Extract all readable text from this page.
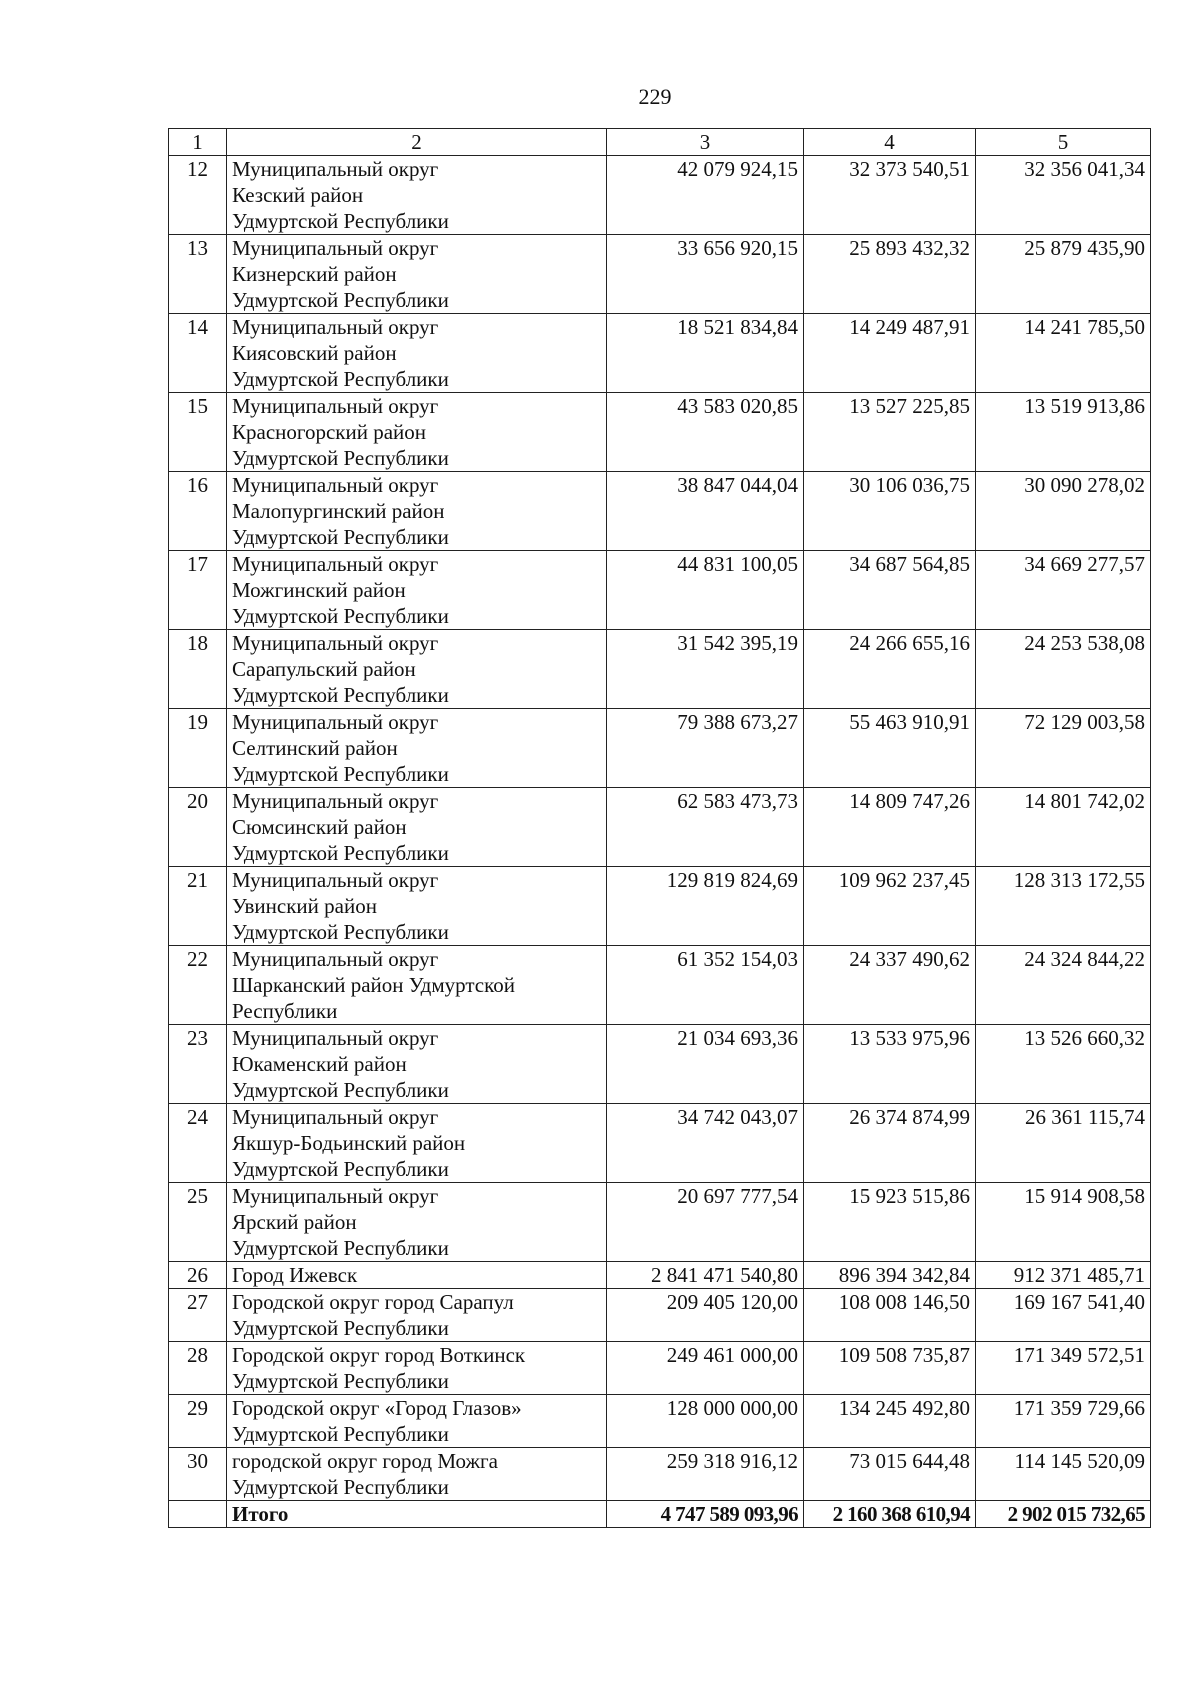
229
1	2	3	4	5
12	Муниципальный округ
Кезский район
Удмуртской Республики	42 079 924,15	32 373 540,51	32 356 041,34
13	Муниципальный округ
Кизнерский район
Удмуртской Республики	33 656 920,15	25 893 432,32	25 879 435,90
14	Муниципальный округ
Киясовский район
Удмуртской Республики	18 521 834,84	14 249 487,91	14 241 785,50
15	Муниципальный округ
Красногорский район
Удмуртской Республики	43 583 020,85	13 527 225,85	13 519 913,86
16	Муниципальный округ
Малопургинский район
Удмуртской Республики	38 847 044,04	30 106 036,75	30 090 278,02
17	Муниципальный округ
Можгинский район
Удмуртской Республики	44 831 100,05	34 687 564,85	34 669 277,57
18	Муниципальный округ
Сарапульский район
Удмуртской Республики	31 542 395,19	24 266 655,16	24 253 538,08
19	Муниципальный округ
Селтинский район
Удмуртской Республики	79 388 673,27	55 463 910,91	72 129 003,58
20	Муниципальный округ
Сюмсинский район
Удмуртской Республики	62 583 473,73	14 809 747,26	14 801 742,02
21	Муниципальный округ
Увинский район
Удмуртской Республики	129 819 824,69	109 962 237,45	128 313 172,55
22	Муниципальный округ
Шарканский район Удмуртской
Республики	61 352 154,03	24 337 490,62	24 324 844,22
23	Муниципальный округ
Юкаменский район
Удмуртской Республики	21 034 693,36	13 533 975,96	13 526 660,32
24	Муниципальный округ
Якшур-Бодьинский район
Удмуртской Республики	34 742 043,07	26 374 874,99	26 361 115,74
25	Муниципальный округ
Ярский район
Удмуртской Республики	20 697 777,54	15 923 515,86	15 914 908,58
26	Город Ижевск	2 841 471 540,80	896 394 342,84	912 371 485,71
27	Городской округ город Сарапул
Удмуртской Республики	209 405 120,00	108 008 146,50	169 167 541,40
28	Городской округ город Воткинск
Удмуртской Республики	249 461 000,00	109 508 735,87	171 349 572,51
29	Городской округ «Город Глазов»
Удмуртской Республики	128 000 000,00	134 245 492,80	171 359 729,66
30	городской округ город Можга
Удмуртской Республики	259 318 916,12	73 015 644,48	114 145 520,09
	Итого	4 747 589 093,96	2 160 368 610,94	2 902 015 732,65
